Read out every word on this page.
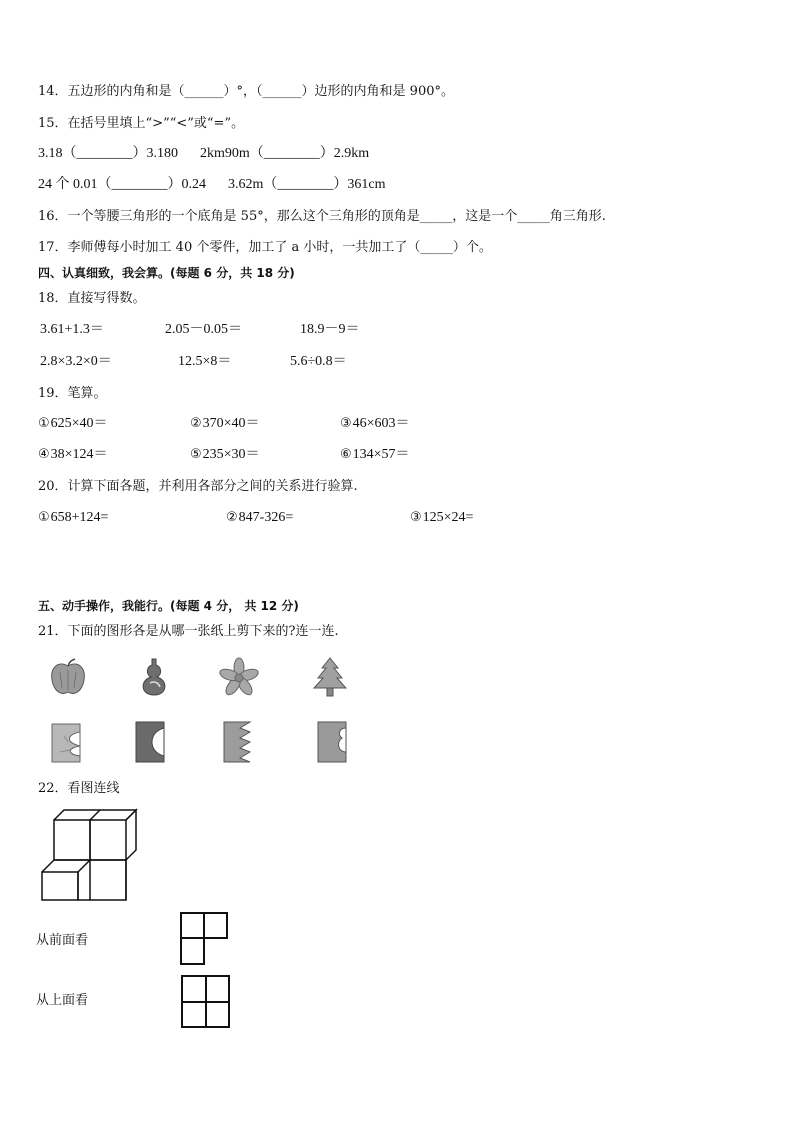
14．五边形的内角和是（______）°，（______）边形的内角和是 900°。
15．在括号里填上“>”“<”或“=”。
3.18（________）3.180 2km90m（________）2.9km
24 个 0.01（________）0.24 3.62m（________）361cm
16．一个等腰三角形的一个底角是 55°，那么这个三角形的顶角是_____，这是一个_____角三角形.
17．李师傅每小时加工 40 个零件，加工了 a 小时，一共加工了（_____）个。
四、认真细致，我会算。(每题 6 分，共 18 分)
18．直接写得数。
3.61+1.3＝	2.05－0.05＝	18.9－9＝
2.8×3.2×0＝	12.5×8＝	5.6÷0.8＝
19．笔算。
①625×40＝	②370×40＝	③46×603＝
④38×124＝	⑤235×30＝	⑥134×57＝
20．计算下面各题，并利用各部分之间的关系进行验算.
①658+124=	②847-326=	③125×24=
五、动手操作，我能行。(每题 4 分， 共 12 分)
21．下面的图形各是从哪一张纸上剪下来的?连一连.
22．看图连线
从前面看
从上面看
